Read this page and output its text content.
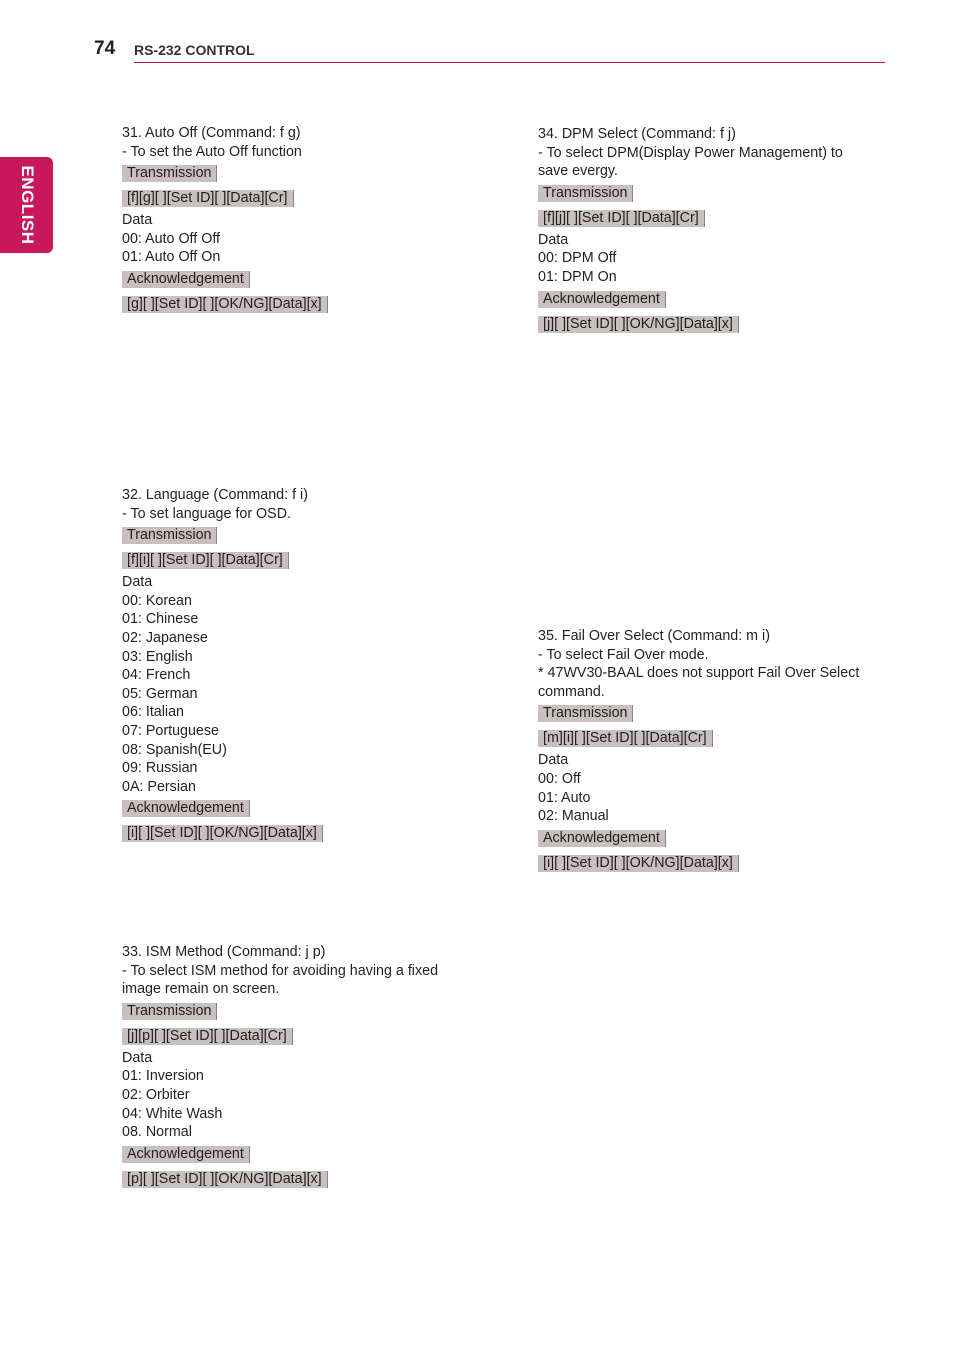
74 RS-232 CONTROL
ENGLISH

31. Auto Off (Command: f g)

- To set the Auto Off function

Transmission
[f][g][ ][Set ID][ ][Data][Cr]

Data

00: Auto Off Off

01: Auto Off On

Acknowledgement
[g][ ][Set ID][ ][OK/NG][Data][x]

32. Language (Command: f i)

- To set language for OSD.

Transmission
[f][i][ ][Set ID][ ][Data][Cr]

Data

00: Korean

01: Chinese

02: Japanese

03: English

04: French

05: German

06: Italian

07: Portuguese

08: Spanish(EU)

09: Russian

0A: Persian

Acknowledgement
[i][ ][Set ID][ ][OK/NG][Data][x]

33. ISM Method (Command: j p)

- To select ISM method for avoiding having a fixed

image remain on screen.

Transmission
[j][p][ ][Set ID][ ][Data][Cr]

Data

01: Inversion

02: Orbiter

04: White Wash

08. Normal

Acknowledgement
[p][ ][Set ID][ ][OK/NG][Data][x]

34. DPM Select (Command: f j)

- To select DPM(Display Power Management) to

save evergy.

Transmission
[f][j][ ][Set ID][ ][Data][Cr]

Data

00: DPM Off

01: DPM On

Acknowledgement
[j][ ][Set ID][ ][OK/NG][Data][x]

35. Fail Over Select (Command: m i)

- To select Fail Over mode.

* 47WV30-BAAL does not support Fail Over Select

command.

Transmission
[m][i][ ][Set ID][ ][Data][Cr]

Data

00: Off

01: Auto

02: Manual

Acknowledgement
[i][ ][Set ID][ ][OK/NG][Data][x]
